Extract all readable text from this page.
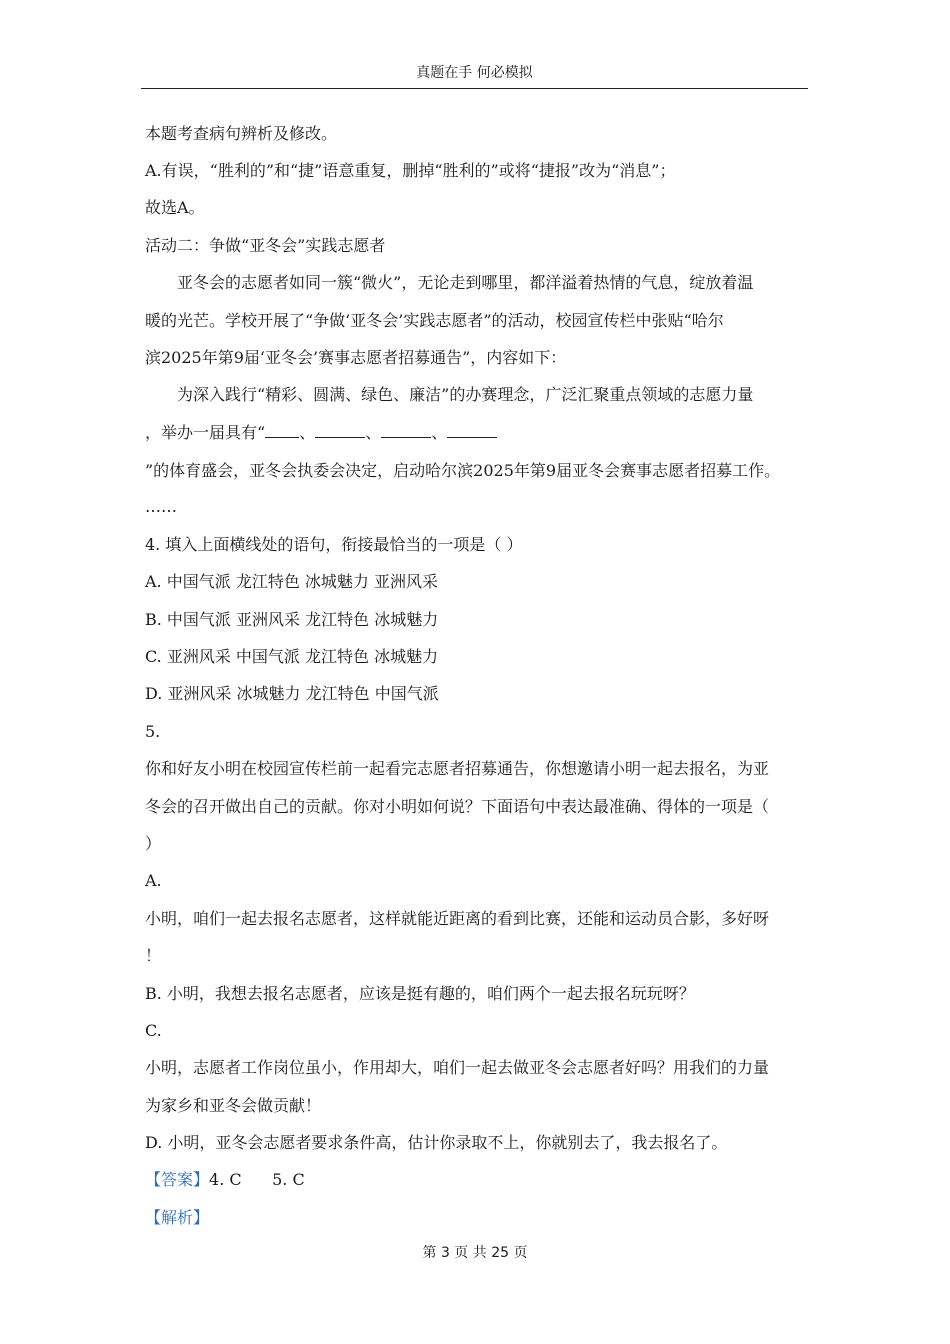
真题在手 何必模拟
本题考查病句辨析及修改。
A.有误，“胜利的”和“捷”语意重复，删掉“胜利的”或将“捷报”改为“消息”；
故选A。
活动二：争做“亚冬会”实践志愿者
亚冬会的志愿者如同一簇“微火”，无论走到哪里，都洋溢着热情的气息，绽放着温
暖的光芒。学校开展了“争做‘亚冬会’实践志愿者”的活动，校园宣传栏中张贴“哈尔
滨2025年第9届‘亚冬会’赛事志愿者招募通告”，内容如下：
为深入践行“精彩、圆满、绿色、廉洁”的办赛理念，广泛汇聚重点领域的志愿力量
，举办一届具有“ 、	、	、
”的体育盛会，亚冬会执委会决定，启动哈尔滨2025年第9届亚冬会赛事志愿者招募工作。
……
4. 填入上面横线处的语句，衔接最恰当的一项是（ ）
A. 中国气派 龙江特色 冰城魅力 亚洲风采
B. 中国气派 亚洲风采 龙江特色 冰城魅力
C. 亚洲风采 中国气派 龙江特色 冰城魅力
D. 亚洲风采 冰城魅力 龙江特色 中国气派
5.
你和好友小明在校园宣传栏前一起看完志愿者招募通告，你想邀请小明一起去报名，为亚
冬会的召开做出自己的贡献。你对小明如何说？下面语句中表达最准确、得体的一项是（
）
A.
小明，咱们一起去报名志愿者，这样就能近距离的看到比赛，还能和运动员合影，多好呀
！
B. 小明，我想去报名志愿者，应该是挺有趣的，咱们两个一起去报名玩玩呀？
C.
小明，志愿者工作岗位虽小，作用却大，咱们一起去做亚冬会志愿者好吗？用我们的力量
为家乡和亚冬会做贡献！
D. 小明，亚冬会志愿者要求条件高，估计你录取不上，你就别去了，我去报名了。
【答案】4. C      5. C
【解析】
第 3 页 共 25 页
